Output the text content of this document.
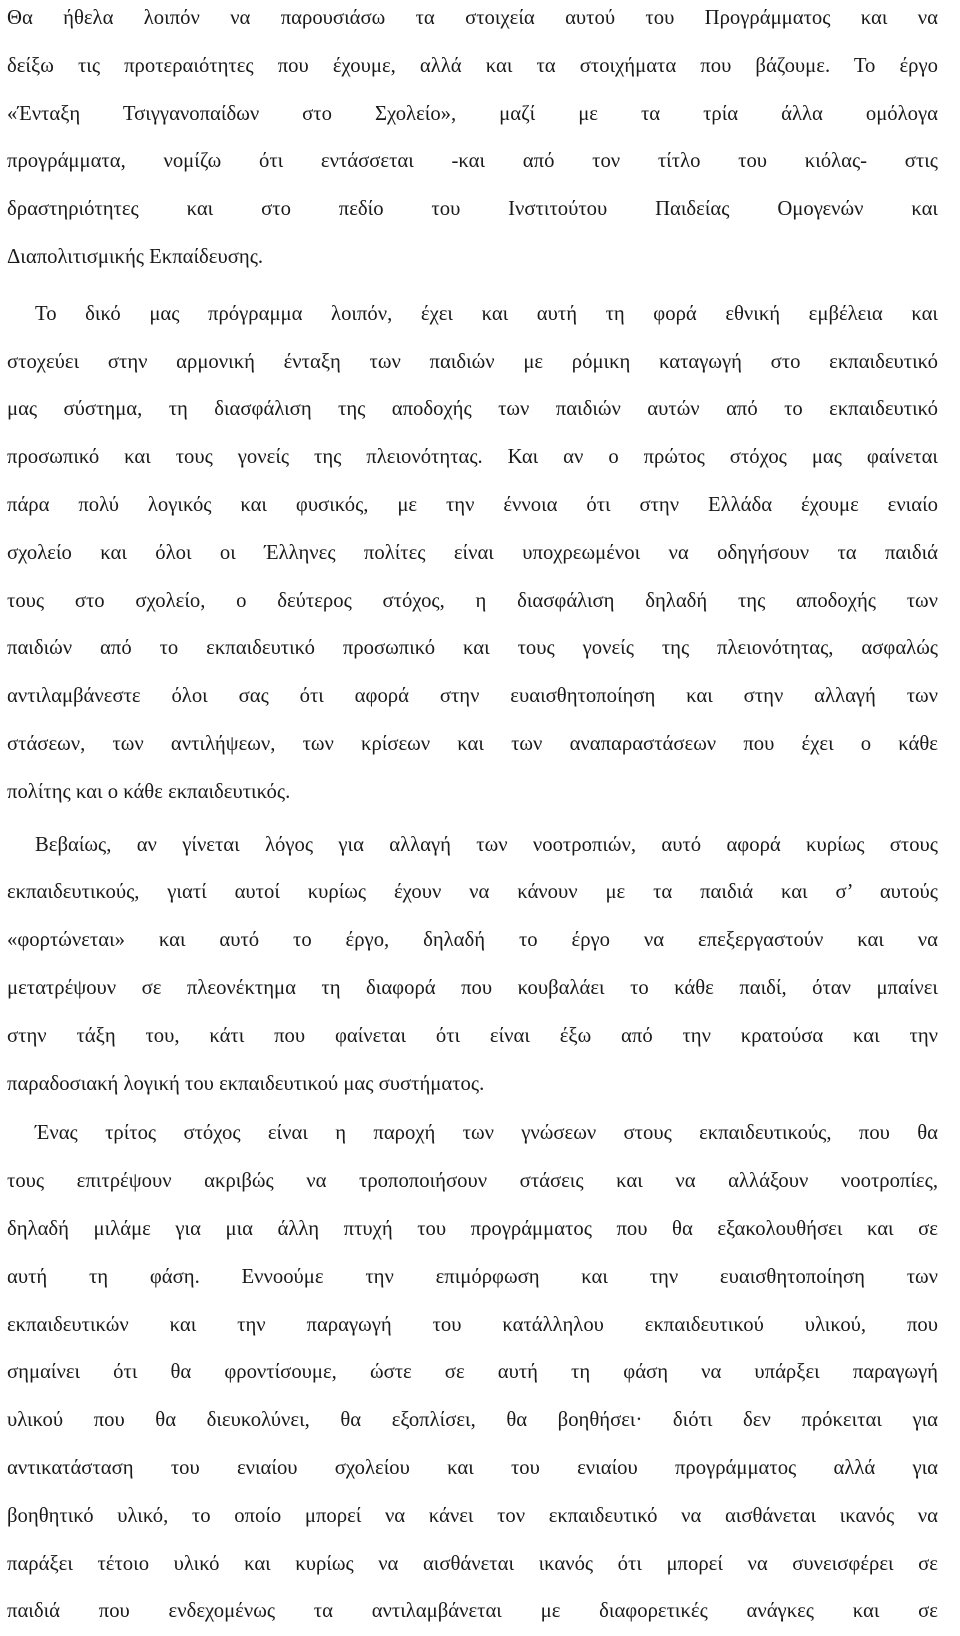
Θα ήθελα λοιπόν να παρουσιάσω τα στοιχεία αυτού του Προγράμματος και να
δείξω τις προτεραιότητες που έχουμε, αλλά και τα στοιχήματα που βάζουμε. Το έργο
«Ένταξη Τσιγγανοπαίδων στο Σχολείο», μαζί με τα τρία άλλα ομόλογα
προγράμματα, νομίζω ότι εντάσσεται -και από τον τίτλο του κιόλας- στις
δραστηριότητες και στο πεδίο του Ινστιτούτου Παιδείας Ομογενών και
Διαπολιτισμικής Εκπαίδευσης.
Το δικό μας πρόγραμμα λοιπόν, έχει και αυτή τη φορά εθνική εμβέλεια και
στοχεύει στην αρμονική ένταξη των παιδιών με ρόμικη καταγωγή στο εκπαιδευτικό
μας σύστημα, τη διασφάλιση της αποδοχής των παιδιών αυτών από το εκπαιδευτικό
προσωπικό και τους γονείς της πλειονότητας. Και αν ο πρώτος στόχος μας φαίνεται
πάρα πολύ λογικός και φυσικός, με την έννοια ότι στην Ελλάδα έχουμε ενιαίο
σχολείο και όλοι οι Έλληνες πολίτες είναι υποχρεωμένοι να οδηγήσουν τα παιδιά
τους στο σχολείο, ο δεύτερος στόχος, η διασφάλιση δηλαδή της αποδοχής των
παιδιών από το εκπαιδευτικό προσωπικό και τους γονείς της πλειονότητας, ασφαλώς
αντιλαμβάνεστε όλοι σας ότι αφορά στην ευαισθητοποίηση και στην αλλαγή των
στάσεων, των αντιλήψεων, των κρίσεων και των αναπαραστάσεων που έχει ο κάθε
πολίτης και ο κάθε εκπαιδευτικός.
Βεβαίως, αν γίνεται λόγος για αλλαγή των νοοτροπιών, αυτό αφορά κυρίως στους
εκπαιδευτικούς, γιατί αυτοί κυρίως έχουν να κάνουν με τα παιδιά και σ’ αυτούς
«φορτώνεται» και αυτό το έργο, δηλαδή το έργο να επεξεργαστούν και να
μετατρέψουν σε πλεονέκτημα τη διαφορά που κουβαλάει το κάθε παιδί, όταν μπαίνει
στην τάξη του, κάτι που φαίνεται ότι είναι έξω από την κρατούσα και την
παραδοσιακή λογική του εκπαιδευτικού μας συστήματος.
Ένας τρίτος στόχος είναι η παροχή των γνώσεων στους εκπαιδευτικούς, που θα
τους επιτρέψουν ακριβώς να τροποποιήσουν στάσεις και να αλλάξουν νοοτροπίες,
δηλαδή μιλάμε για μια άλλη πτυχή του προγράμματος που θα εξακολουθήσει και σε
αυτή τη φάση. Εννοούμε την επιμόρφωση και την ευαισθητοποίηση των
εκπαιδευτικών και την παραγωγή του κατάλληλου εκπαιδευτικού υλικού, που
σημαίνει ότι θα φροντίσουμε, ώστε σε αυτή τη φάση να υπάρξει παραγωγή
υλικού που θα διευκολύνει, θα εξοπλίσει, θα βοηθήσει· διότι δεν πρόκειται για
αντικατάσταση του ενιαίου σχολείου και του ενιαίου προγράμματος αλλά για
βοηθητικό υλικό, το οποίο μπορεί να κάνει τον εκπαιδευτικό να αισθάνεται ικανός να
παράξει τέτοιο υλικό και κυρίως να αισθάνεται ικανός ότι μπορεί να συνεισφέρει σε
παιδιά που ενδεχομένως τα αντιλαμβάνεται με διαφορετικές ανάγκες και σε
